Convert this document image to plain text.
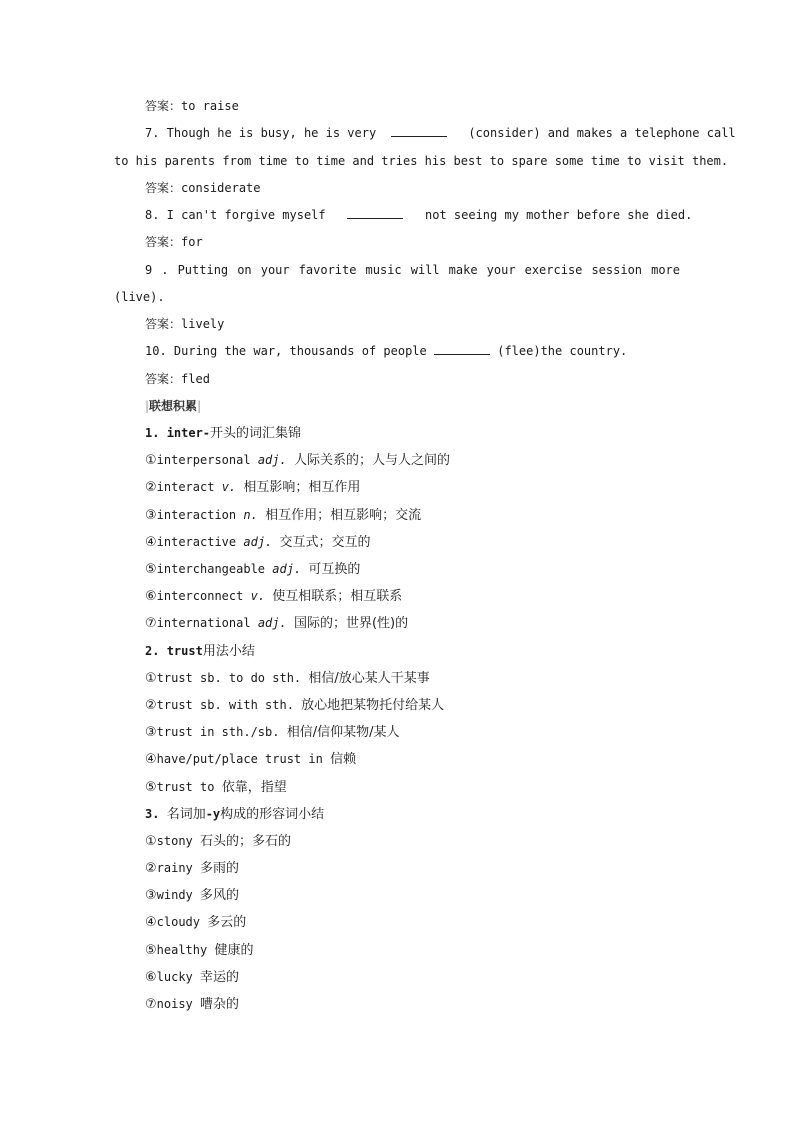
答案：to raise
7. Though he is busy, he is very	(consider) and makes a telephone call
to his parents from time to time and tries his best to spare some time to visit them.
答案：considerate
8. I can't forgive myself	not seeing my mother before she died.
答案：for
9 . Putting on your favorite music will make your exercise session more
(live).
答案：lively
10. During the war, thousands of people	(flee)the country.
答案：fled
|联想积累|
1. inter-开头的词汇集锦
①interpersonal adj. 人际关系的；人与人之间的
②interact v. 相互影响；相互作用
③interaction n. 相互作用；相互影响；交流
④interactive adj. 交互式；交互的
⑤interchangeable adj. 可互换的
⑥interconnect v. 使互相联系；相互联系
⑦international adj. 国际的；世界(性)的
2. trust用法小结
①trust sb. to do sth. 相信/放心某人干某事
②trust sb. with sth. 放心地把某物托付给某人
③trust in sth./sb. 相信/信仰某物/某人
④have/put/place trust in 信赖
⑤trust to 依靠，指望
3. 名词加-y构成的形容词小结
①stony 石头的；多石的
②rainy 多雨的
③windy 多风的
④cloudy 多云的
⑤healthy 健康的
⑥lucky 幸运的
⑦noisy 嘈杂的
